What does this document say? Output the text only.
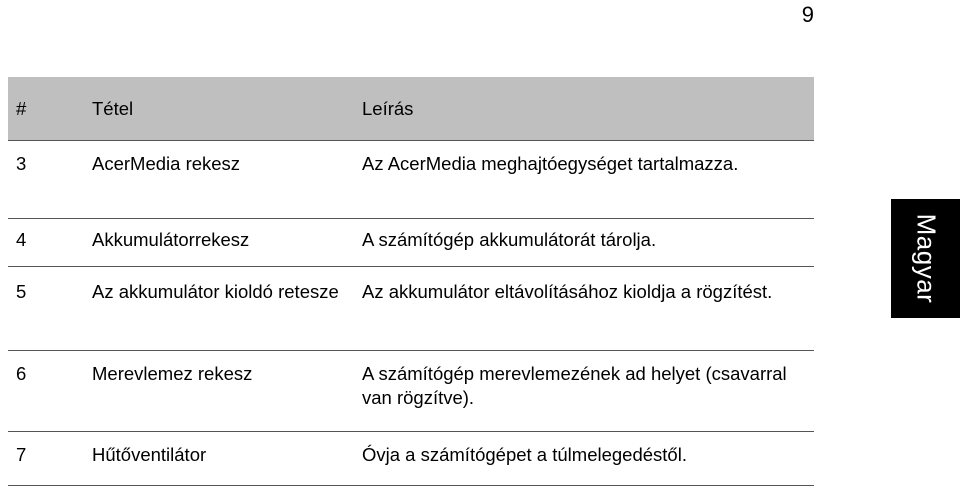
9
Magyar
#	Tétel	Leírás
3	AcerMedia rekesz	Az AcerMedia meghajtóegységet tartalmazza.
4	Akkumulátorrekesz	A számítógép akkumulátorát tárolja.
5	Az akkumulátor kioldó retesze	Az akkumulátor eltávolításához kioldja a rögzítést.
6	Merevlemez rekesz	A számítógép merevlemezének ad helyet (csavarral van rögzítve).
7	Hűtőventilátor	Óvja a számítógépet a túlmelegedéstől.
